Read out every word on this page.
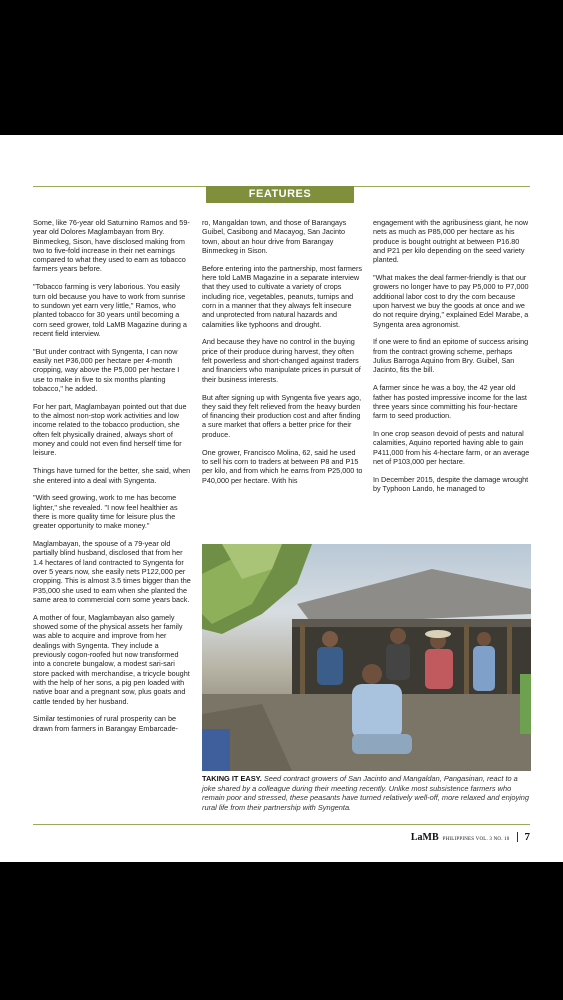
FEATURES

Some, like 76-year old Saturnino Ramos and 59-year old Dolores Maglambayan from Bry. Binmeckeg, Sison, have disclosed making from two to five-fold increase in their net earnings compared to what they used to earn as tobacco farmers years before.

"Tobacco farming is very laborious. You easily turn old because you have to work from sunrise to sundown yet earn very little," Ramos, who planted tobacco for 30 years until becoming a corn seed grower, told LaMB Magazine during a recent field interview.

"But under contract with Syngenta, I can now easily net P36,000 per hectare per 4-month cropping, way above the P5,000 per hectare I use to make in five to six months planting tobacco," he added.

For her part, Maglambayan pointed out that due to the almost non-stop work activities and low income related to the tobacco production, she often felt physically drained, always short of money and could not even find herself time for leisure.

Things have turned for the better, she said, when she entered into a deal with Syngenta.

"With seed growing, work to me has become lighter," she revealed. "I now feel healthier as there is more quality time for leisure plus the greater opportunity to make money."

Maglambayan, the spouse of a 79-year old partially blind husband, disclosed that from her 1.4 hectares of land contracted to Syngenta for over 5 years now, she easily nets P122,000 per cropping. This is almost 3.5 times bigger than the P35,000 she used to earn when she planted the same area to commercial corn some years back.

A mother of four, Maglambayan also gamely showed some of the physical assets her family was able to acquire and improve from her dealings with Syngenta. They include a previously cogon-roofed hut now transformed into a concrete bungalow, a modest sari-sari store packed with merchandise, a tricycle bought with the help of her sons, a pig pen loaded with native boar and a pregnant sow, plus goats and cattle tended by her husband.

Similar testimonies of rural prosperity can be drawn from farmers in Barangay Embarcade-

ro, Mangaldan town, and those of Barangays Guibel, Casibong and Macayog, San Jacinto town, about an hour drive from Barangay Binmeckeg in Sison.

Before entering into the partnership, most farmers here told LaMB Magazine in a separate interview that they used to cultivate a variety of crops including rice, vegetables, peanuts, turnips and corn in a manner that they always felt insecure and unprotected from natural hazards and calamities like typhoons and drought.

And because they have no control in the buying price of their produce during harvest, they often felt powerless and short-changed against traders and financiers who manipulate prices in pursuit of their business interests.

But after signing up with Syngenta five years ago, they said they felt relieved from the heavy burden of financing their production cost and after finding a sure market that offers a better price for their produce.

One grower, Francisco Molina, 62, said he used to sell his corn to traders at between P8 and P15 per kilo, and from which he earns from P25,000 to P40,000 per hectare. With his

engagement with the agribusiness giant, he now nets as much as P85,000 per hectare as his produce is bought outright at between P16.80 and P21 per kilo depending on the seed variety planted.

"What makes the deal farmer-friendly is that our growers no longer have to pay P5,000 to P7,000 additional labor cost to dry the corn because upon harvest we buy the goods at once and we do not require drying," explained Edel Marabe, a Syngenta area agronomist.

If one were to find an epitome of success arising from the contract growing scheme, perhaps Julius Barroga Aquino from Bry. Guibel, San Jacinto, fits the bill.

A farmer since he was a boy, the 42 year old father has posted impressive income for the last three years since committing his four-hectare farm to seed production.

In one crop season devoid of pests and natural calamities, Aquino reported having able to gain P411,000 from his 4-hectare farm, or an average net of P103,000 per hectare.

In December 2015, despite the damage wrought by Typhoon Lando, he managed to

TAKING IT EASY. Seed contract growers of San Jacinto and Mangaldan, Pangasinan, react to a joke shared by a colleague during their meeting recently. Unlike most subsistence farmers who remain poor and stressed, these peasants have turned relatively well-off, more relaxed and enjoying rural life from their partnership with Syngenta.
LaMB PHILIPPINES VOL. 3 NO. 10 7
